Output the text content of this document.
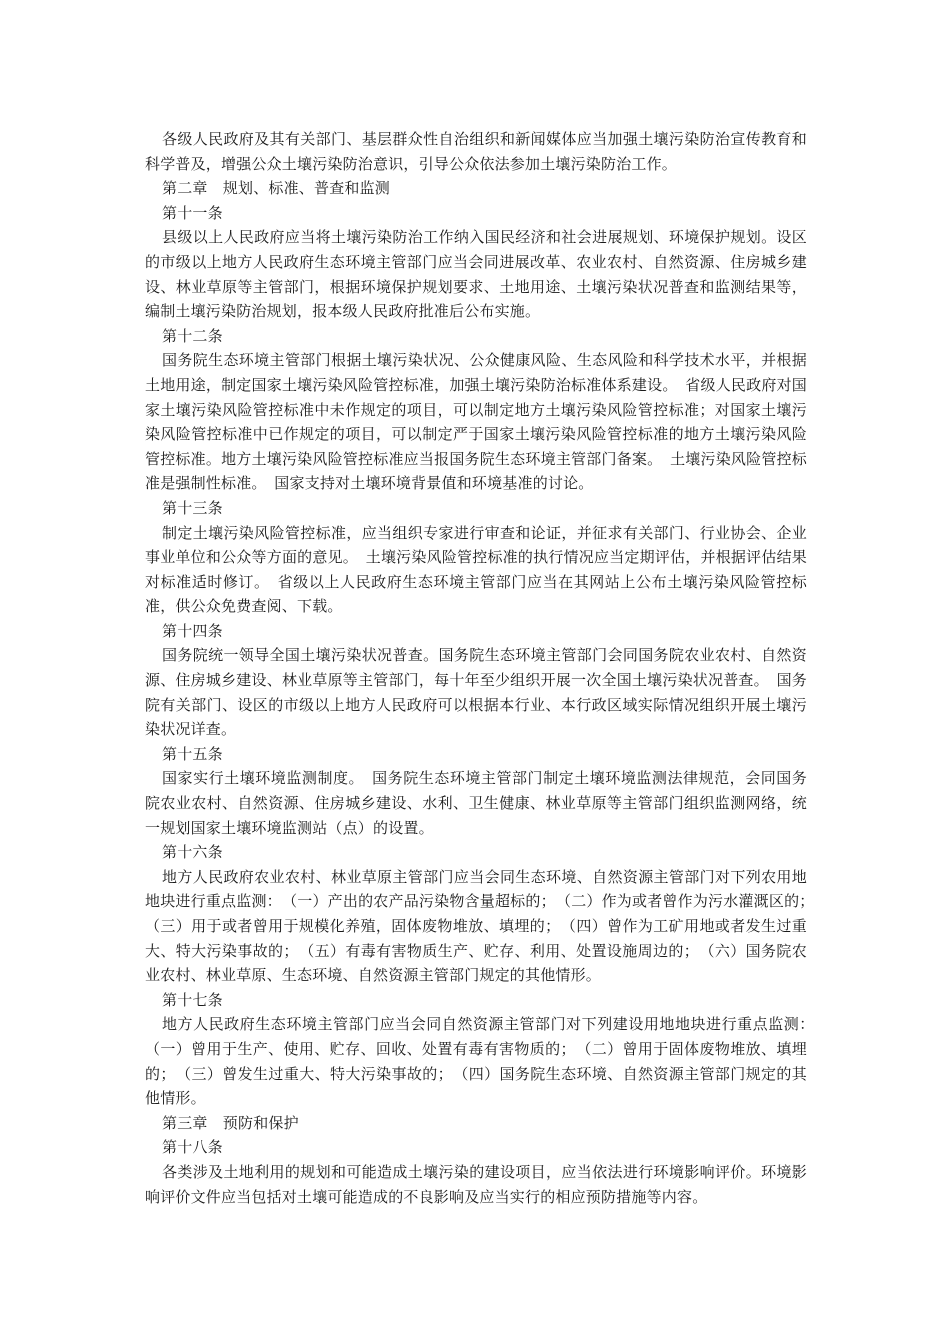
各级人民政府及其有关部门、基层群众性自治组织和新闻媒体应当加强土壤污染防治宣传教育和科学普及，增强公众土壤污染防治意识，引导公众依法参加土壤污染防治工作。

第二章　规划、标准、普查和监测

第十一条

县级以上人民政府应当将土壤污染防治工作纳入国民经济和社会进展规划、环境保护规划。设区的市级以上地方人民政府生态环境主管部门应当会同进展改革、农业农村、自然资源、住房城乡建设、林业草原等主管部门，根据环境保护规划要求、土地用途、土壤污染状况普查和监测结果等，编制土壤污染防治规划，报本级人民政府批准后公布实施。

第十二条

国务院生态环境主管部门根据土壤污染状况、公众健康风险、生态风险和科学技术水平，并根据土地用途，制定国家土壤污染风险管控标准，加强土壤污染防治标准体系建设。　省级人民政府对国家土壤污染风险管控标准中未作规定的项目，可以制定地方土壤污染风险管控标准；对国家土壤污染风险管控标准中已作规定的项目，可以制定严于国家土壤污染风险管控标准的地方土壤污染风险管控标准。地方土壤污染风险管控标准应当报国务院生态环境主管部门备案。　土壤污染风险管控标准是强制性标准。　国家支持对土壤环境背景值和环境基准的讨论。

第十三条

制定土壤污染风险管控标准，应当组织专家进行审查和论证，并征求有关部门、行业协会、企业事业单位和公众等方面的意见。　土壤污染风险管控标准的执行情况应当定期评估，并根据评估结果对标准适时修订。　省级以上人民政府生态环境主管部门应当在其网站上公布土壤污染风险管控标准，供公众免费查阅、下载。

第十四条

国务院统一领导全国土壤污染状况普查。国务院生态环境主管部门会同国务院农业农村、自然资源、住房城乡建设、林业草原等主管部门，每十年至少组织开展一次全国土壤污染状况普查。　国务院有关部门、设区的市级以上地方人民政府可以根据本行业、本行政区域实际情况组织开展土壤污染状况详查。

第十五条

国家实行土壤环境监测制度。　国务院生态环境主管部门制定土壤环境监测法律规范，会同国务院农业农村、自然资源、住房城乡建设、水利、卫生健康、林业草原等主管部门组织监测网络，统一规划国家土壤环境监测站（点）的设置。

第十六条

地方人民政府农业农村、林业草原主管部门应当会同生态环境、自然资源主管部门对下列农用地地块进行重点监测：　（一）产出的农产品污染物含量超标的；　（二）作为或者曾作为污水灌溉区的；　（三）用于或者曾用于规模化养殖，固体废物堆放、填埋的；　（四）曾作为工矿用地或者发生过重大、特大污染事故的；　（五）有毒有害物质生产、贮存、利用、处置设施周边的；　（六）国务院农业农村、林业草原、生态环境、自然资源主管部门规定的其他情形。

第十七条

地方人民政府生态环境主管部门应当会同自然资源主管部门对下列建设用地地块进行重点监测：　（一）曾用于生产、使用、贮存、回收、处置有毒有害物质的；　（二）曾用于固体废物堆放、填埋的；　（三）曾发生过重大、特大污染事故的；　（四）国务院生态环境、自然资源主管部门规定的其他情形。

第三章　预防和保护

第十八条

各类涉及土地利用的规划和可能造成土壤污染的建设项目，应当依法进行环境影响评价。环境影响评价文件应当包括对土壤可能造成的不良影响及应当实行的相应预防措施等内容。
